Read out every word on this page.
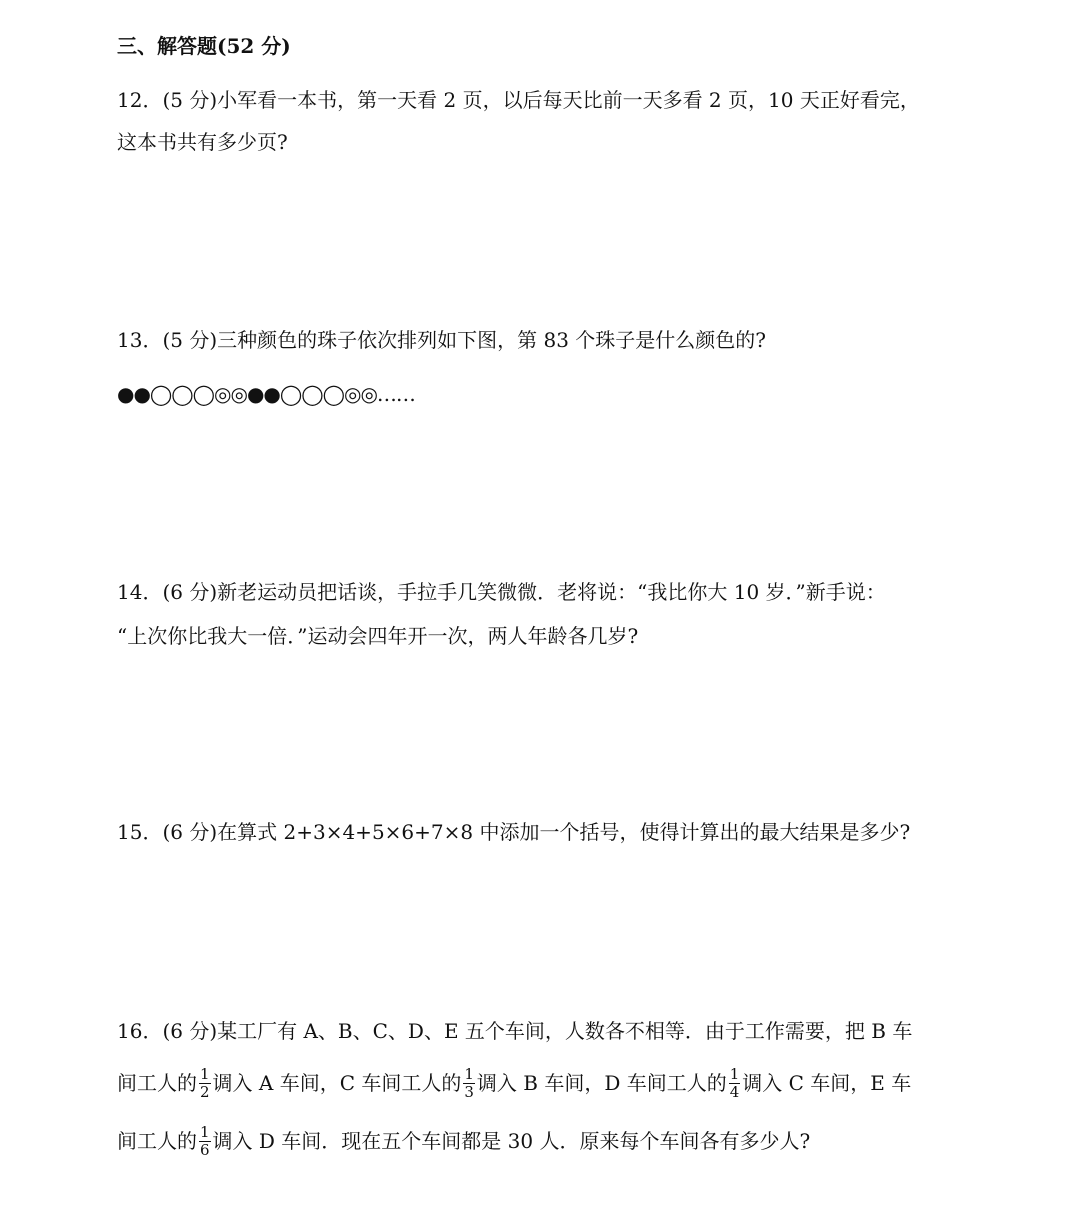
三、解答题(52 分)
12．(5 分)小军看一本书，第一天看 2 页，以后每天比前一天多看 2 页，10 天正好看完，
这本书共有多少页?
13．(5 分)三种颜色的珠子依次排列如下图，第 83 个珠子是什么颜色的?
●●◯◯◯◎◎●●◯◯◯◎◎……
14．(6 分)新老运动员把话谈，手拉手几笑微微．老将说：“我比你大 10 岁．”新手说：
“上次你比我大一倍．”运动会四年开一次，两人年龄各几岁?
15．(6 分)在算式 2+3×4+5×6+7×8 中添加一个括号，使得计算出的最大结果是多少?
16．(6 分)某工厂有 A、B、C、D、E 五个车间，人数各不相等．由于工作需要，把 B 车
间工人的 $\frac{1}{2}$ 调入 A 车间，C 车间工人的 $\frac{1}{3}$ 调入 B 车间，D 车间工人的 $\frac{1}{4}$ 调入 C 车间，E 车
间工人的 $\frac{1}{6}$ 调入 D 车间．现在五个车间都是 30 人．原来每个车间各有多少人?
